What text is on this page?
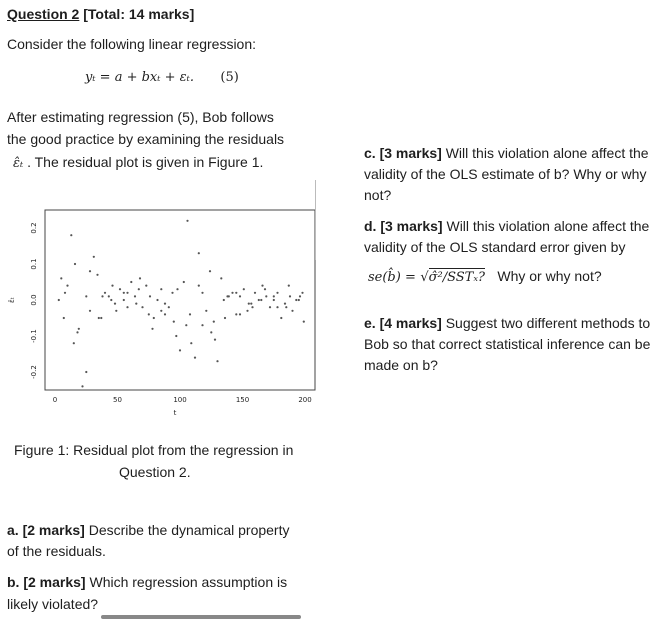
Question 2 [Total: 14 marks]
Consider the following linear regression:
yₜ = a + bxₜ + εₜ. (5)
After estimating regression (5), Bob follows
the good practice by examining the residuals
ε̂ₜ . The residual plot is given in Figure 1.
0.2
0.1
0.0
-0.1
-0.2
0	50	100	150	200
ε̂ₜ
t
Figure 1: Residual plot from the regression in
Question 2.
a. [2 marks] Describe the dynamical property
of the residuals.
b. [2 marks] Which regression assumption is
likely violated?
c. [3 marks] Will this violation alone affect the
validity of the OLS estimate of b? Why or why
not?
d. [3 marks] Will this violation alone affect the
validity of the OLS standard error given by
se(b̂) = √σ̂²/SSTₓ? Why or why not?
e. [4 marks] Suggest two different methods to
Bob so that correct statistical inference can be
made on b?
